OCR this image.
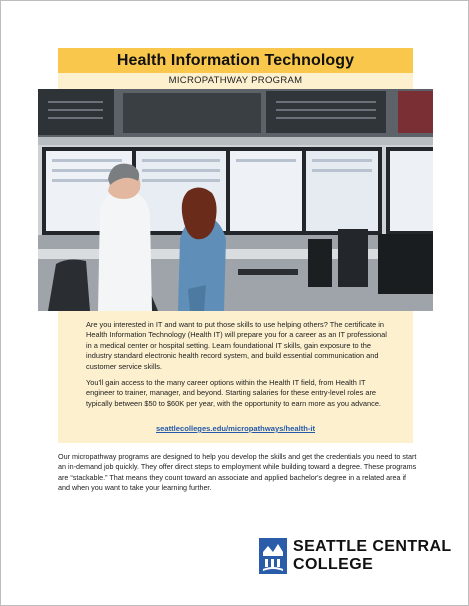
Health Information Technology
MICROPATHWAY PROGRAM

Are you interested in IT and want to put those skills to use helping others? The certificate in Health Information Technology (Health IT) will prepare you for a career as an IT professional in a medical center or hospital setting. Learn foundational IT skills, gain exposure to the industry standard electronic health record system, and build essential communication and customer service skills.

You'll gain access to the many career options within the Health IT field, from Health IT engineer to trainer, manager, and beyond. Starting salaries for these entry-level roles are typically between $50 to $60K per year, with the opportunity to earn more as you advance.

seattlecolleges.edu/micropathways/health-it

Our micropathway programs are designed to help you develop the skills and get the credentials you need to start an in-demand job quickly. They offer direct steps to employment while building toward a degree. These programs are “stackable.” That means they count toward an associate and applied bachelor's degree in a related area if and when you want to take your learning further.

SEATTLE CENTRAL
COLLEGE
